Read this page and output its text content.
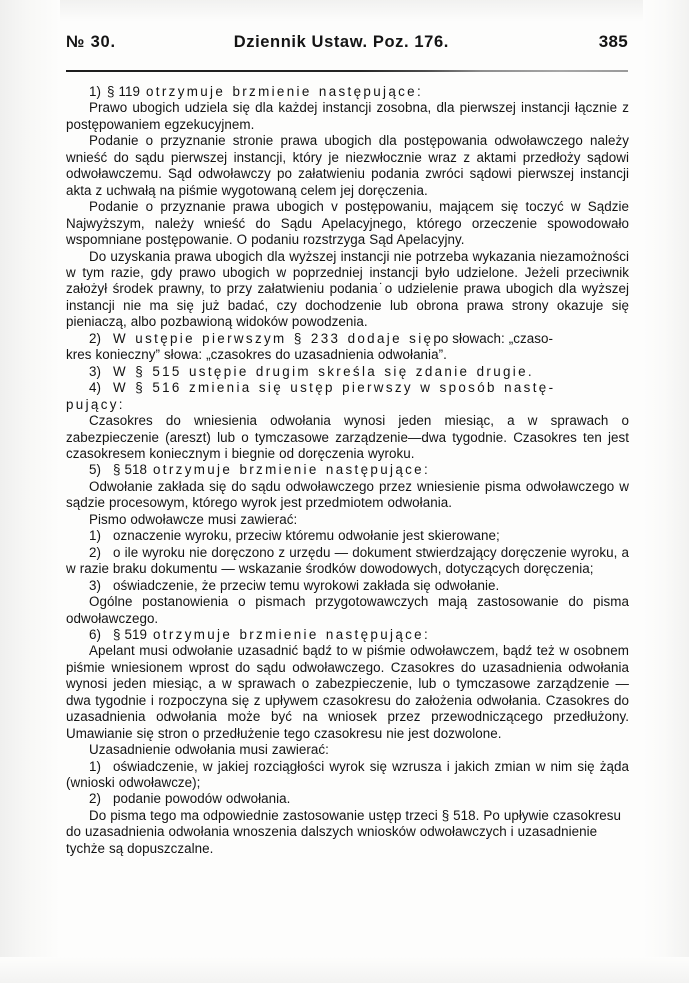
№ 30.	Dziennik Ustaw. Poz. 176.	385

1) § 119 otrzymuje brzmienie następujące:

Prawo ubogich udziela się dla każdej instancji zosobna, dla pierwszej instancji łącznie z postępowaniem egzekucyjnem.

Podanie o przyznanie stronie prawa ubogich dla postępowania odwoławczego należy wnieść do sądu pierwszej instancji, który je niezwłocznie wraz z aktami przedłoży sądowi odwoławczemu. Sąd odwoławczy po załatwieniu podania zwróci sądowi pierwszej instancji akta z uchwałą na piśmie wygotowaną celem jej doręczenia.

Podanie o przyznanie prawa ubogich v postępowaniu, mającem się toczyć w Sądzie Najwyższym, należy wnieść do Sądu Apelacyjnego, którego orzeczenie spowodowało wspomniane postępowanie. O podaniu rozstrzyga Sąd Apelacyjny.

Do uzyskania prawa ubogich dla wyższej instancji nie potrzeba wykazania niezamożności w tym razie, gdy prawo ubogich w poprzedniej instancji było udzielone. Jeżeli przeciwnik założył środek prawny, to przy załatwieniu podania˙o udzielenie prawa ubogich dla wyższej instancji nie ma się już badać, czy dochodzenie lub obrona prawa strony okazuje się pieniaczą, albo pozbawioną widoków powodzenia.

2) W ustępie pierwszym § 233 dodaje siępo słowach: „cza​so-

kres konieczny” słowa: „czasokres do uzasadnienia odwołania”.

3) W § 515 ustępie drugim skreśla się zdanie drugie.

4) W § 516 zmienia się ustęp pierwszy w sposób nastę-

pujący:

Czasokres do wniesienia odwołania wynosi jeden miesiąc, a w sprawach o zabezpieczenie (areszt) lub o tymczasowe zarządzenie—dwa tygodnie. Czasokres ten jest czasokresem koniecznym i biegnie od doręczenia wyroku.

5) § 518 otrzymuje brzmienie następujące:

Odwołanie zakłada się do sądu odwoławczego przez wniesienie pisma odwoławczego w sądzie procesowym, którego wyrok jest przedmiotem odwołania.

Pismo odwoławcze musi zawierać:

1) oznaczenie wyroku, przeciw któremu odwołanie jest skierowane;

2) o ile wyroku nie doręczono z urzędu — dokument stwierdzający doręczenie wyroku, a w razie braku dokumentu — wskazanie środków dowodowych, dotyczących doręczenia;

3) oświadczenie, że przeciw temu wyrokowi zakłada się odwołanie.

Ogólne postanowienia o pismach przygotowawczych mają zastosowanie do pisma odwoławczego.

6) § 519 otrzymuje brzmienie następujące:

Apelant musi odwołanie uzasadnić bądź to w piśmie odwoławczem, bądź też w osobnem piśmie wniesionem wprost do sądu odwoławczego. Czasokres do uzasadnienia odwołania wynosi jeden miesiąc, a w sprawach o zabezpieczenie, lub o tymczasowe zarządzenie — dwa tygodnie i rozpoczyna się z upływem czasokresu do założenia odwołania. Czasokres do uzasadnienia odwołania może być na wniosek przez przewodniczącego przedłużony. Umawianie się stron o przedłużenie tego czasokresu nie jest dozwolone.

Uzasadnienie odwołania musi zawierać:

1) oświadczenie, w jakiej rozciągłości wyrok się wzrusza i jakich zmian w nim się żąda (wnioski odwoławcze);

2) podanie powodów odwołania.

Do pisma tego ma odpowiednie zastosowanie ustęp trzeci § 518. Po upływie czasokresu do uzasadnienia odwołania wnoszenia dalszych wniosków odwoławczych i uzasadnienie tychże są dopuszczalne.
